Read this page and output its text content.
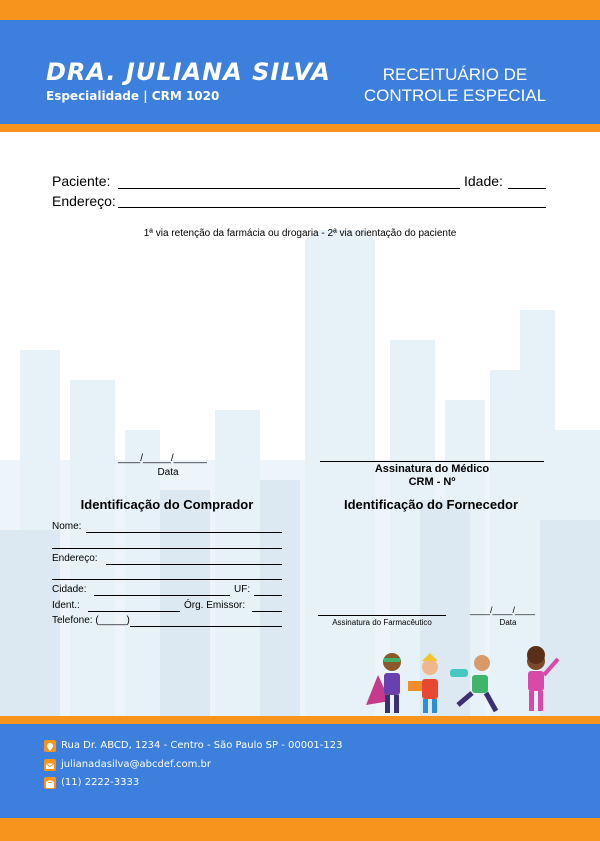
DRA. JULIANA SILVA
Especialidade | CRM 1020
RECEITUÁRIO DE
CONTROLE ESPECIAL
Paciente:	Idade:
Endereço:
1ª via retenção da farmácia ou drogaria - 2ª via orientação do paciente
____/_____/______
Data	Assinatura do Médico
CRM - Nº
Identificação do Comprador
Nome:
Endereço:
Cidade:	UF:
Ident.:	Órg. Emissor:
Telefone: (_____)
Identificação do Fornecedor
Assinatura do Farmacêutico
____/____/____
Data
Rua Dr. ABCD, 1234 - Centro - São Paulo SP - 00001-123
julianadasilva@abcdef.com.br
(11) 2222-3333
